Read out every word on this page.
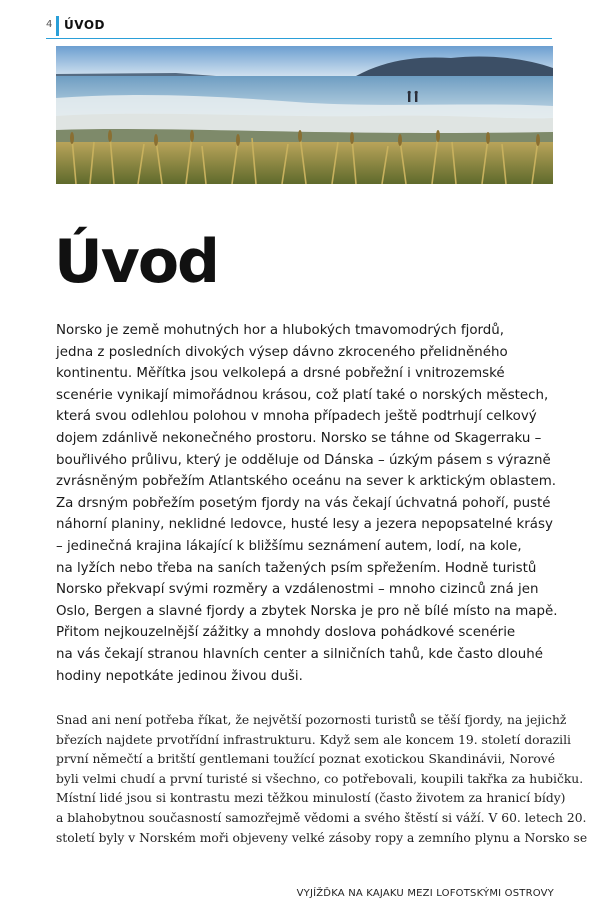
4 ÚVOD
Úvod
Norsko je země mohutných hor a hlubokých tmavomodrých fjordů,
jedna z posledních divokých výsep dávno zkroceného přelidněného
kontinentu. Měřítka jsou velkolepá a drsné pobřežní i vnitrozemské
scenérie vynikají mimořádnou krásou, což platí také o norských městech,
která svou odlehlou polohou v mnoha případech ještě podtrhují celkový
dojem zdánlivě nekonečného prostoru. Norsko se táhne od Skagerraku –
bouřlivého průlivu, který je odděluje od Dánska – úzkým pásem s výrazně
zvrásněným pobřežím Atlantského oceánu na sever k arktickým oblastem.
Za drsným pobřežím posetým fjordy na vás čekají úchvatná pohoří, pusté
náhorní planiny, neklidné ledovce, husté lesy a jezera nepopsatelné krásy
– jedinečná krajina lákající k bližšímu seznámení autem, lodí, na kole,
na lyžích nebo třeba na saních tažených psím spřežením. Hodně turistů
Norsko překvapí svými rozměry a vzdálenostmi – mnoho cizinců zná jen
Oslo, Bergen a slavné fjordy a zbytek Norska je pro ně bílé místo na mapě.
Přitom nejkouzelnější zážitky a mnohdy doslova pohádkové scenérie
na vás čekají stranou hlavních center a silničních tahů, kde často dlouhé
hodiny nepotkáte jedinou živou duši.
Snad ani není potřeba říkat, že největší pozornosti turistů se těší fjordy, na jejichž
březích najdete prvotřídní infrastrukturu. Když sem ale koncem 19. století dorazili
první němečtí a britští gentlemani toužící poznat exotickou Skandinávii, Norové
byli velmi chudí a první turisté si všechno, co potřebovali, koupili takřka za hubičku.
Místní lidé jsou si kontrastu mezi těžkou minulostí (často životem za hranicí bídy)
a blahobytnou současností samozřejmě vědomi a svého štěstí si váží. V 60. letech 20.
století byly v Norském moři objeveny velké zásoby ropy a zemního plynu a Norsko se
VYJÍŽĎKA NA KAJAKU MEZI LOFOTSKÝMI OSTROVY
